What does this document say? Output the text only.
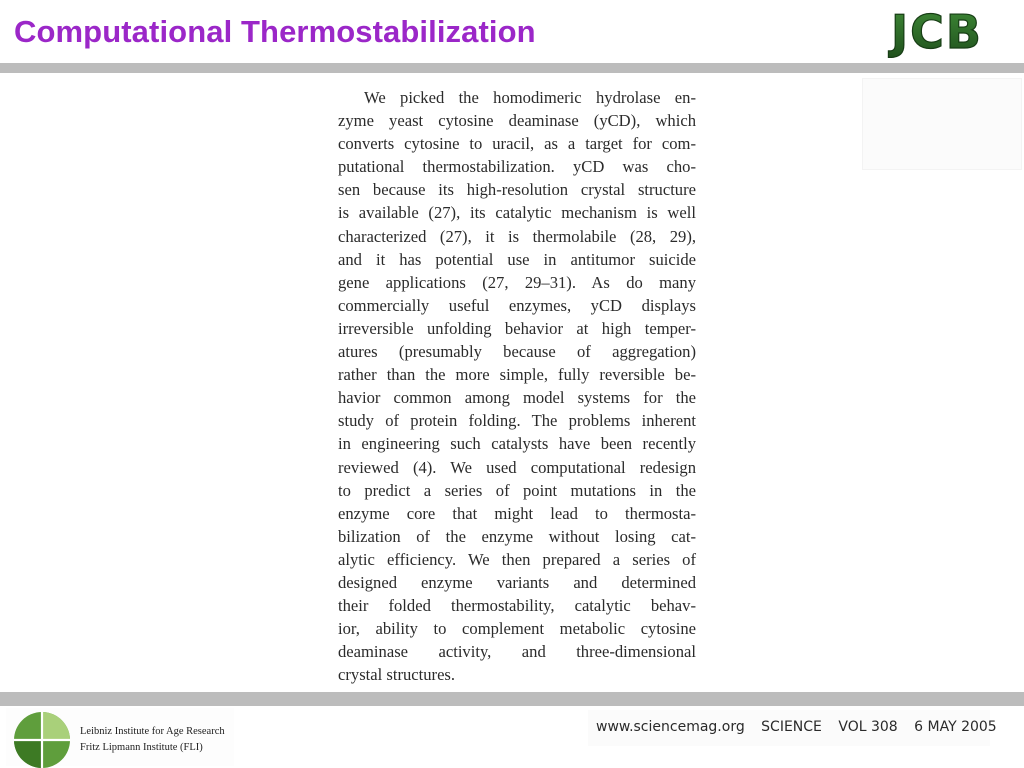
Computational Thermostabilization	JCB
We picked the homodimeric hydrolase en-
zyme yeast cytosine deaminase (yCD), which
converts cytosine to uracil, as a target for com-
putational thermostabilization. yCD was cho-
sen because its high-resolution crystal structure
is available (27), its catalytic mechanism is well
characterized (27), it is thermolabile (28, 29),
and it has potential use in antitumor suicide
gene applications (27, 29–31). As do many
commercially useful enzymes, yCD displays
irreversible unfolding behavior at high temper-
atures (presumably because of aggregation)
rather than the more simple, fully reversible be-
havior common among model systems for the
study of protein folding. The problems inherent
in engineering such catalysts have been recently
reviewed (4). We used computational redesign
to predict a series of point mutations in the
enzyme core that might lead to thermosta-
bilization of the enzyme without losing cat-
alytic efficiency. We then prepared a series of
designed enzyme variants and determined
their folded thermostability, catalytic behav-
ior, ability to complement metabolic cytosine
deaminase activity, and three-dimensional
crystal structures.
Leibniz Institute for Age Research
Fritz Lipmann Institute (FLI)
www.sciencemag.org SCIENCE VOL 308 6 MAY 2005
